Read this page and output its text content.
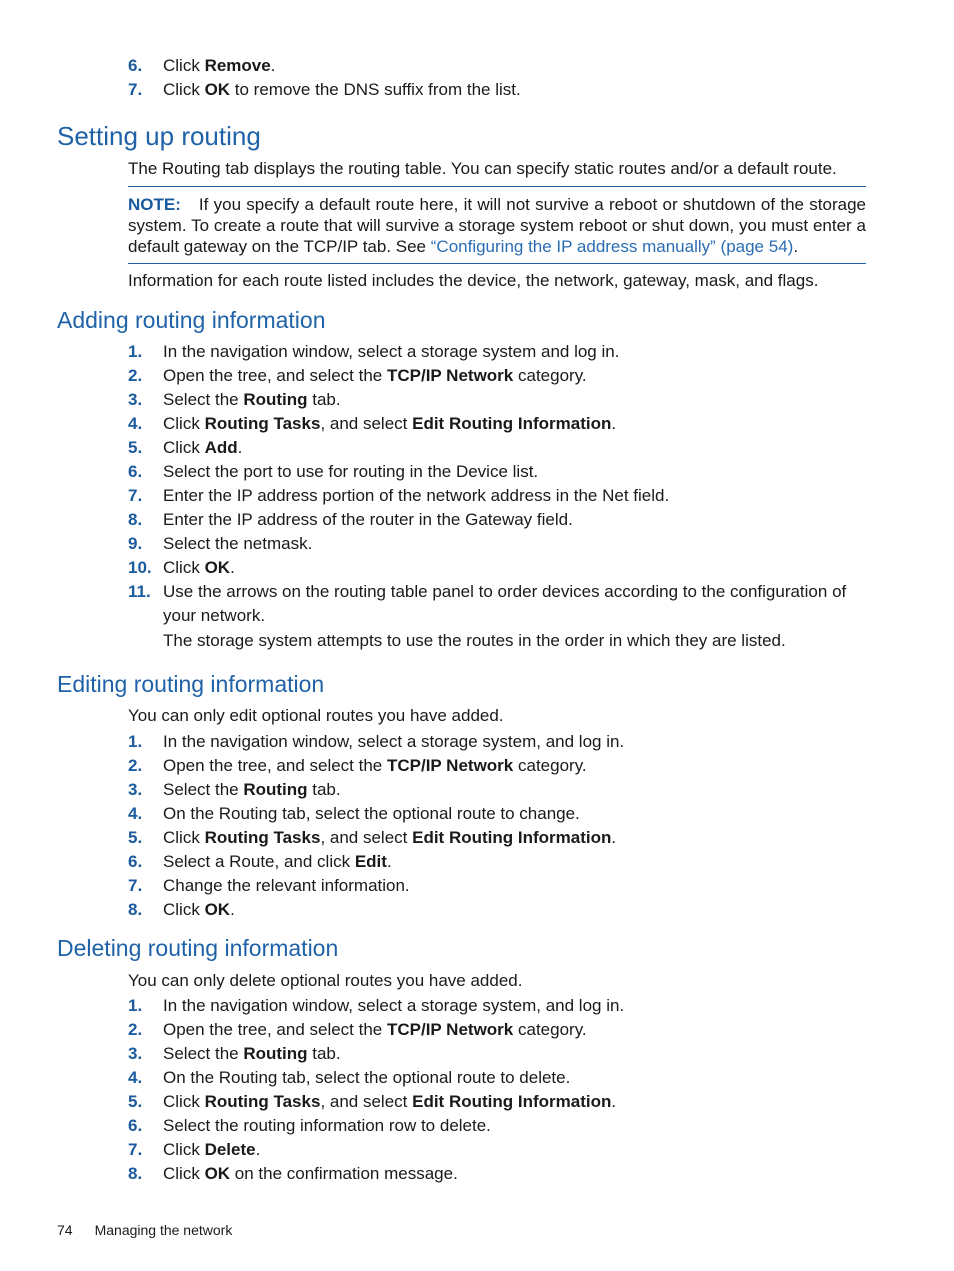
6. Click Remove.
7. Click OK to remove the DNS suffix from the list.
Setting up routing

The Routing tab displays the routing table. You can specify static routes and/or a default route.

NOTE: If you specify a default route here, it will not survive a reboot or shutdown of the storage system. To create a route that will survive a storage system reboot or shut down, you must enter a default gateway on the TCP/IP tab. See “Configuring the IP address manually” (page 54).

Information for each route listed includes the device, the network, gateway, mask, and flags.

Adding routing information
1. In the navigation window, select a storage system and log in.
2. Open the tree, and select the TCP/IP Network category.
3. Select the Routing tab.
4. Click Routing Tasks, and select Edit Routing Information.
5. Click Add.
6. Select the port to use for routing in the Device list.
7. Enter the IP address portion of the network address in the Net field.
8. Enter the IP address of the router in the Gateway field.
9. Select the netmask.
10. Click OK.
11. Use the arrows on the routing table panel to order devices according to the configuration of your network.

The storage system attempts to use the routes in the order in which they are listed.

Editing routing information

You can only edit optional routes you have added.

1. In the navigation window, select a storage system, and log in.
2. Open the tree, and select the TCP/IP Network category.
3. Select the Routing tab.
4. On the Routing tab, select the optional route to change.
5. Click Routing Tasks, and select Edit Routing Information.
6. Select a Route, and click Edit.
7. Change the relevant information.
8. Click OK.
Deleting routing information

You can only delete optional routes you have added.

1. In the navigation window, select a storage system, and log in.
2. Open the tree, and select the TCP/IP Network category.
3. Select the Routing tab.
4. On the Routing tab, select the optional route to delete.
5. Click Routing Tasks, and select Edit Routing Information.
6. Select the routing information row to delete.
7. Click Delete.
8. Click OK on the confirmation message.
74 Managing the network
